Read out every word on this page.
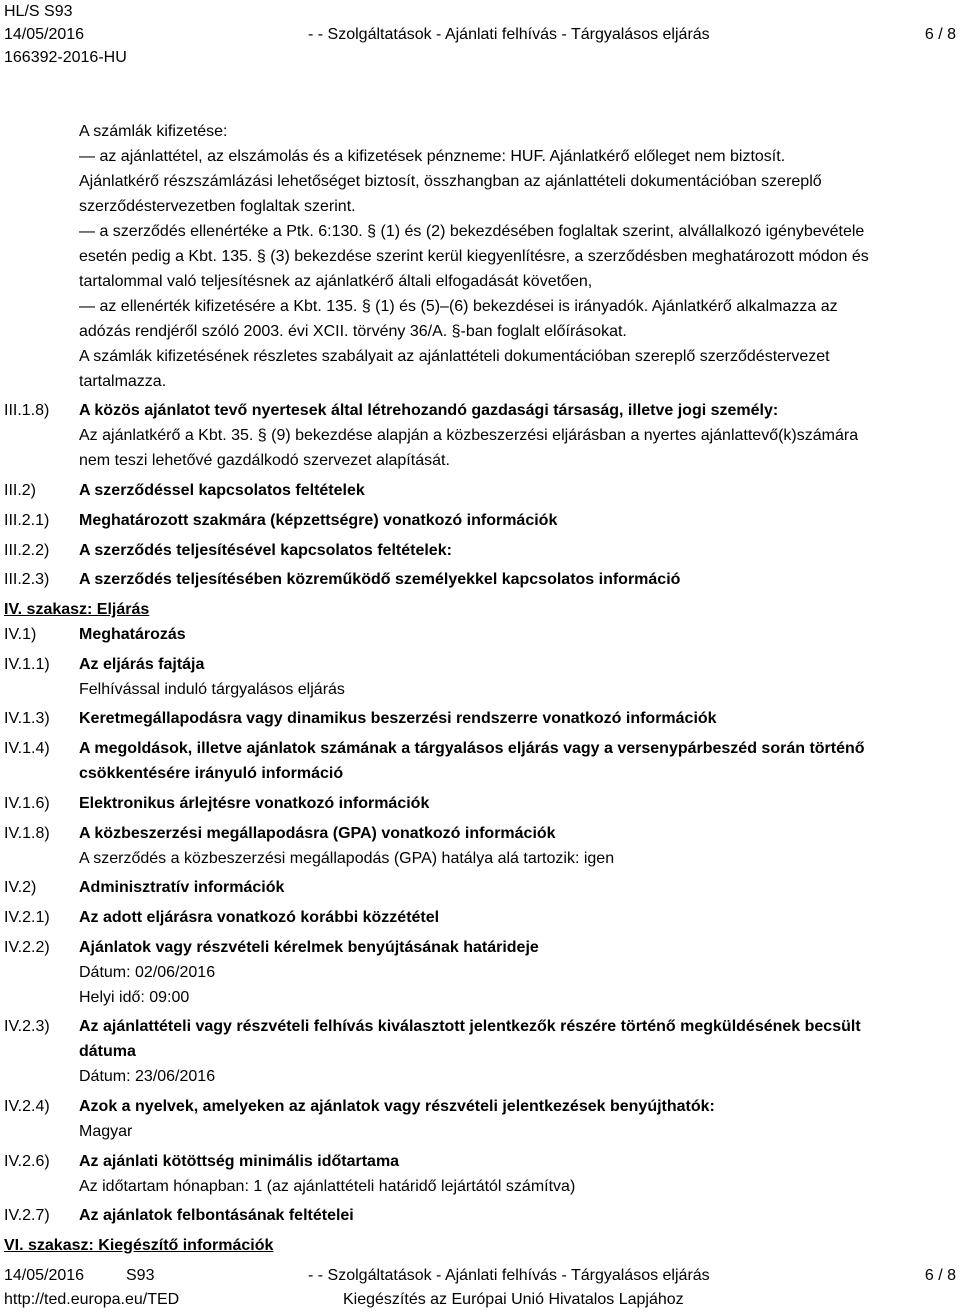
HL/S S93
14/05/2016
166392-2016-HU
- - Szolgáltatások - Ajánlati felhívás - Tárgyalásos eljárás	6 / 8
A számlák kifizetése:
— az ajánlattétel, az elszámolás és a kifizetések pénzneme: HUF. Ajánlatkérő előleget nem biztosít.
Ajánlatkérő részszámlázási lehetőséget biztosít, összhangban az ajánlattételi dokumentációban szereplő
szerződéstervezetben foglaltak szerint.
— a szerződés ellenértéke a Ptk. 6:130. § (1) és (2) bekezdésében foglaltak szerint, alvállalkozó igénybevétele
esetén pedig a Kbt. 135. § (3) bekezdése szerint kerül kiegyenlítésre, a szerződésben meghatározott módon és
tartalommal való teljesítésnek az ajánlatkérő általi elfogadását követően,
— az ellenérték kifizetésére a Kbt. 135. § (1) és (5)–(6) bekezdései is irányadók. Ajánlatkérő alkalmazza az
adózás rendjéről szóló 2003. évi XCII. törvény 36/A. §-ban foglalt előírásokat.
A számlák kifizetésének részletes szabályait az ajánlattételi dokumentációban szereplő szerződéstervezet
tartalmazza.
III.1.8) A közös ajánlatot tevő nyertesek által létrehozandó gazdasági társaság, illetve jogi személy:
Az ajánlatkérő a Kbt. 35. § (9) bekezdése alapján a közbeszerzési eljárásban a nyertes ajánlattevő(k)számára
nem teszi lehetővé gazdálkodó szervezet alapítását.
III.2)	A szerződéssel kapcsolatos feltételek
III.2.1) Meghatározott szakmára (képzettségre) vonatkozó információk
III.2.2) A szerződés teljesítésével kapcsolatos feltételek:
III.2.3) A szerződés teljesítésében közreműködő személyekkel kapcsolatos információ
IV. szakasz: Eljárás
IV.1)	Meghatározás
IV.1.1) Az eljárás fajtája
Felhívással induló tárgyalásos eljárás
IV.1.3) Keretmegállapodásra vagy dinamikus beszerzési rendszerre vonatkozó információk
IV.1.4) A megoldások, illetve ajánlatok számának a tárgyalásos eljárás vagy a versenypárbeszéd során történő
csökkentésére irányuló információ
IV.1.6) Elektronikus árlejtésre vonatkozó információk
IV.1.8) A közbeszerzési megállapodásra (GPA) vonatkozó információk
A szerződés a közbeszerzési megállapodás (GPA) hatálya alá tartozik: igen
IV.2)	Adminisztratív információk
IV.2.1) Az adott eljárásra vonatkozó korábbi közzététel
IV.2.2) Ajánlatok vagy részvételi kérelmek benyújtásának határideje
Dátum: 02/06/2016
Helyi idő: 09:00
IV.2.3) Az ajánlattételi vagy részvételi felhívás kiválasztott jelentkezők részére történő megküldésének becsült
dátuma
Dátum: 23/06/2016
IV.2.4) Azok a nyelvek, amelyeken az ajánlatok vagy részvételi jelentkezések benyújthatók:
Magyar
IV.2.6) Az ajánlati kötöttség minimális időtartama
Az időtartam hónapban: 1 (az ajánlattételi határidő lejártától számítva)
IV.2.7) Az ajánlatok felbontásának feltételei
VI. szakasz: Kiegészítő információk
14/05/2016	S93	- - Szolgáltatások - Ajánlati felhívás - Tárgyalásos eljárás	6 / 8
http://ted.europa.eu/TED	Kiegészítés az Európai Unió Hivatalos Lapjához
